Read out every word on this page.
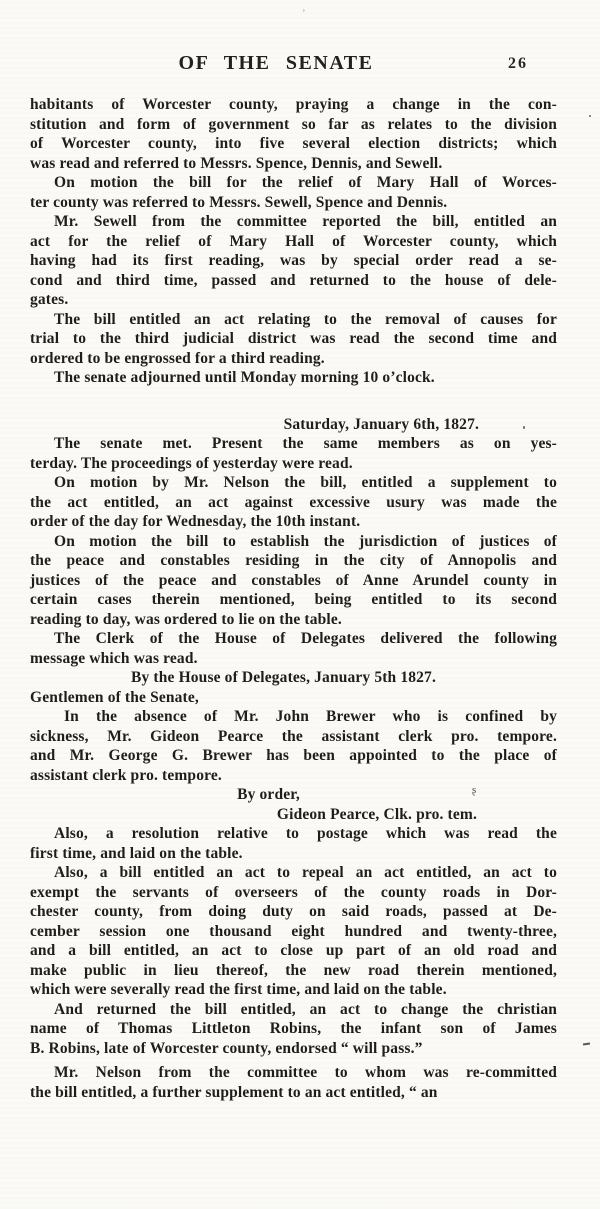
OF THE SENATE	26
habitants of Worcester county, praying a change in the con-
stitution and form of government so far as relates to the division
of Worcester county, into five several election districts; which
was read and referred to Messrs. Spence, Dennis, and Sewell.
On motion the bill for the relief of Mary Hall of Worces-
ter county was referred to Messrs. Sewell, Spence and Dennis.
Mr. Sewell from the committee reported the bill, entitled an
act for the relief of Mary Hall of Worcester county, which
having had its first reading, was by special order read a se-
cond and third time, passed and returned to the house of dele-
gates.
The bill entitled an act relating to the removal of causes for
trial to the third judicial district was read the second time and
ordered to be engrossed for a third reading.
The senate adjourned until Monday morning 10 o’clock.
Saturday, January 6th, 1827.
The senate met. Present the same members as on yes-
terday. The proceedings of yesterday were read.
On motion by Mr. Nelson the bill, entitled a supplement to
the act entitled, an act against excessive usury was made the
order of the day for Wednesday, the 10th instant.
On motion the bill to establish the jurisdiction of justices of
the peace and constables residing in the city of Annopolis and
justices of the peace and constables of Anne Arundel county in
certain cases therein mentioned, being entitled to its second
reading to day, was ordered to lie on the table.
The Clerk of the House of Delegates delivered the following
message which was read.
By the House of Delegates, January 5th 1827.
Gentlemen of the Senate,
In the absence of Mr. John Brewer who is confined by
sickness, Mr. Gideon Pearce the assistant clerk pro. tempore.
and Mr. George G. Brewer has been appointed to the place of
assistant clerk pro. tempore.
By order,
Gideon Pearce, Clk. pro. tem.
Also, a resolution relative to postage which was read the
first time, and laid on the table.
Also, a bill entitled an act to repeal an act entitled, an act to
exempt the servants of overseers of the county roads in Dor-
chester county, from doing duty on said roads, passed at De-
cember session one thousand eight hundred and twenty-three,
and a bill entitled, an act to close up part of an old road and
make public in lieu thereof, the new road therein mentioned,
which were severally read the first time, and laid on the table.
And returned the bill entitled, an act to change the christian
name of Thomas Littleton Robins, the infant son of James
B. Robins, late of Worcester county, endorsed “ will pass.”
Mr. Nelson from the committee to whom was re-committed
the bill entitled, a further supplement to an act entitled, “ an
ʾ
ʂ
